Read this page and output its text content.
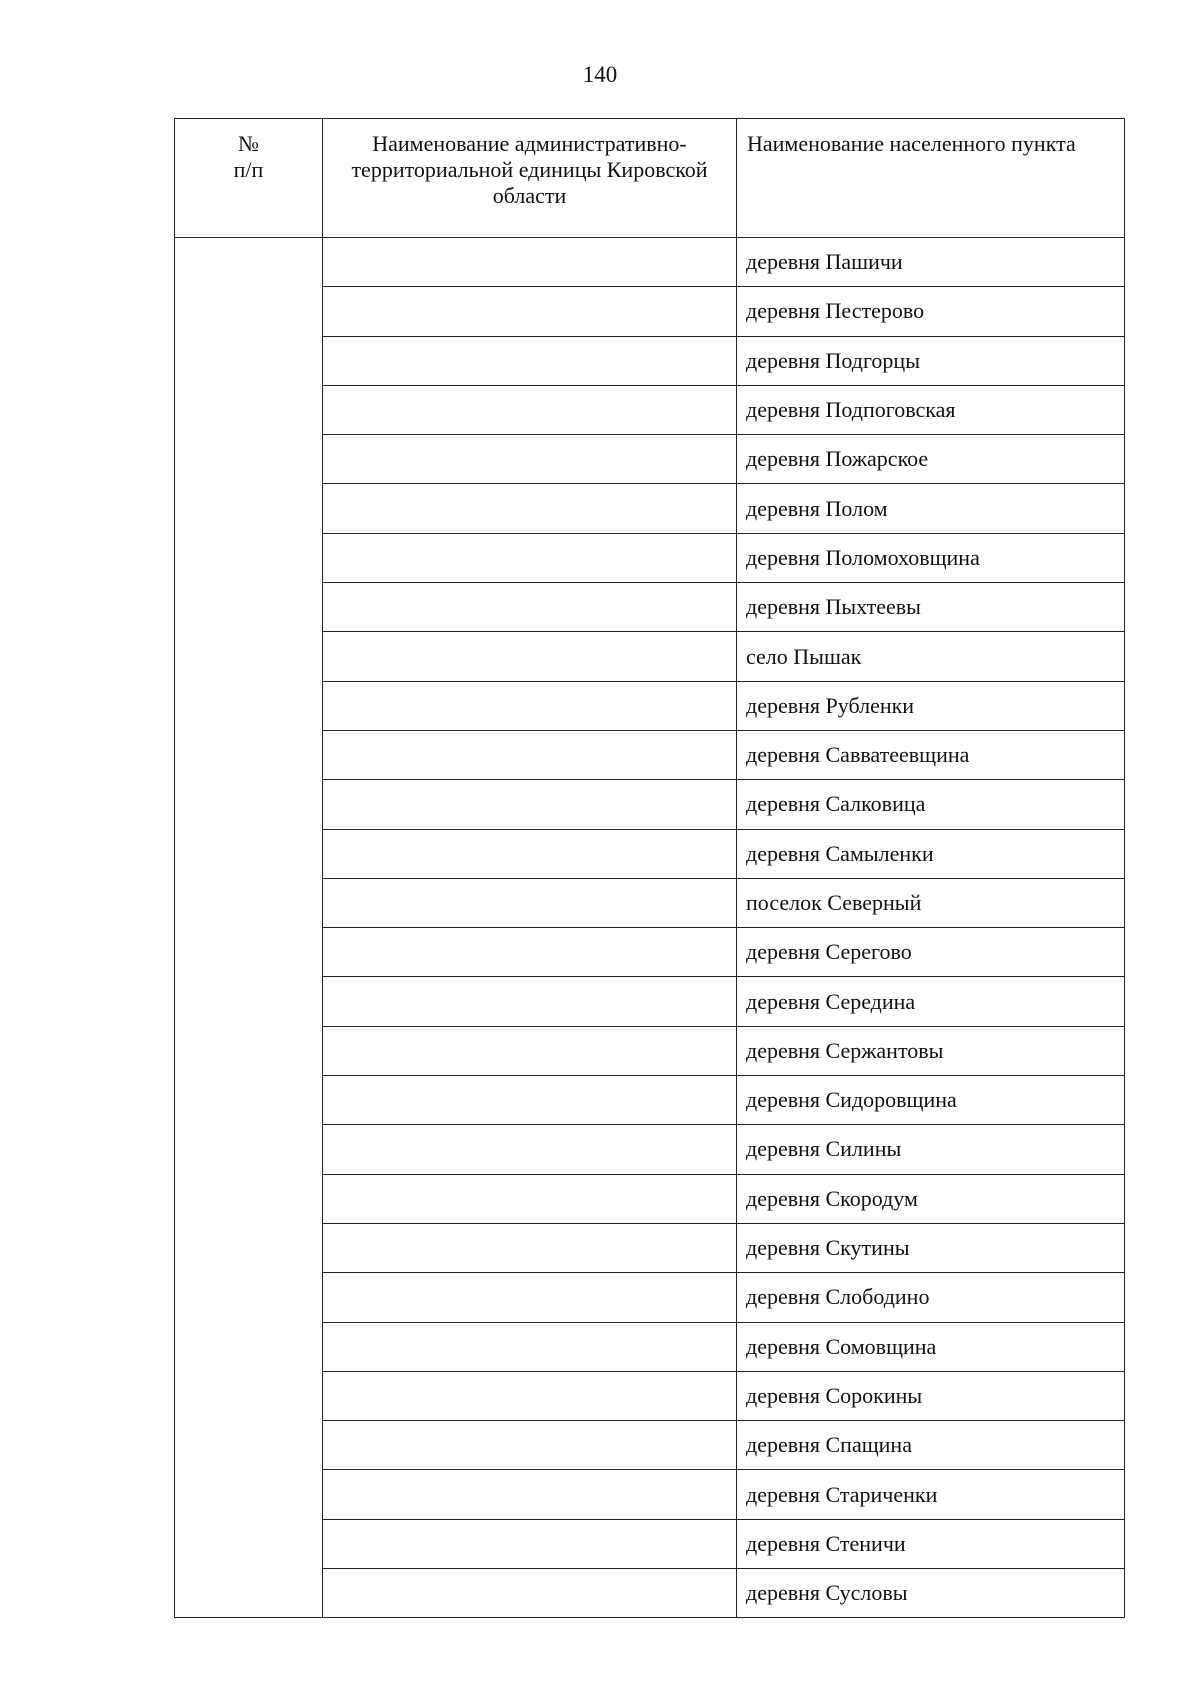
140
№
п/п	Наименование административно-территориальной единицы Кировской области	Наименование населенного пункта
		деревня Пашичи
		деревня Пестерово
		деревня Подгорцы
		деревня Подпоговская
		деревня Пожарское
		деревня Полом
		деревня Поломоховщина
		деревня Пыхтеевы
		село Пышак
		деревня Рубленки
		деревня Савватеевщина
		деревня Салковица
		деревня Самыленки
		поселок Северный
		деревня Серегово
		деревня Середина
		деревня Сержантовы
		деревня Сидоровщина
		деревня Силины
		деревня Скородум
		деревня Скутины
		деревня Слободино
		деревня Сомовщина
		деревня Сорокины
		деревня Спащина
		деревня Стариченки
		деревня Стеничи
		деревня Сусловы
